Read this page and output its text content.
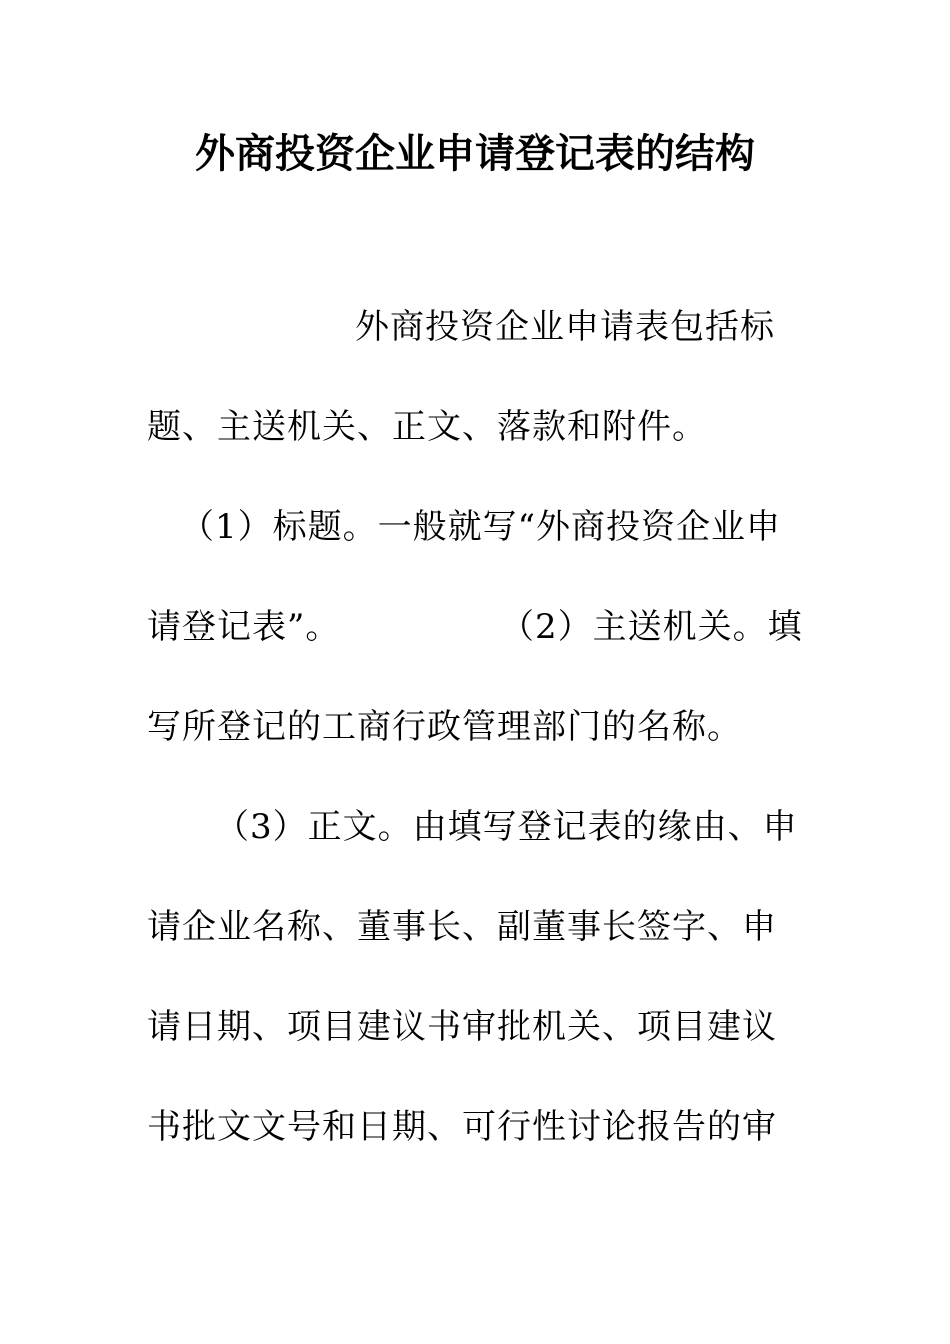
外商投资企业申请登记表的结构
外商投资企业申请表包括标
题、主送机关、正文、落款和附件。
（1）标题。一般就写“外商投资企业申
请登记表”。	（2）主送机关。填
写所登记的工商行政管理部门的名称。
（3）正文。由填写登记表的缘由、申
请企业名称、董事长、副董事长签字、申
请日期、项目建议书审批机关、项目建议
书批文文号和日期、可行性讨论报告的审
